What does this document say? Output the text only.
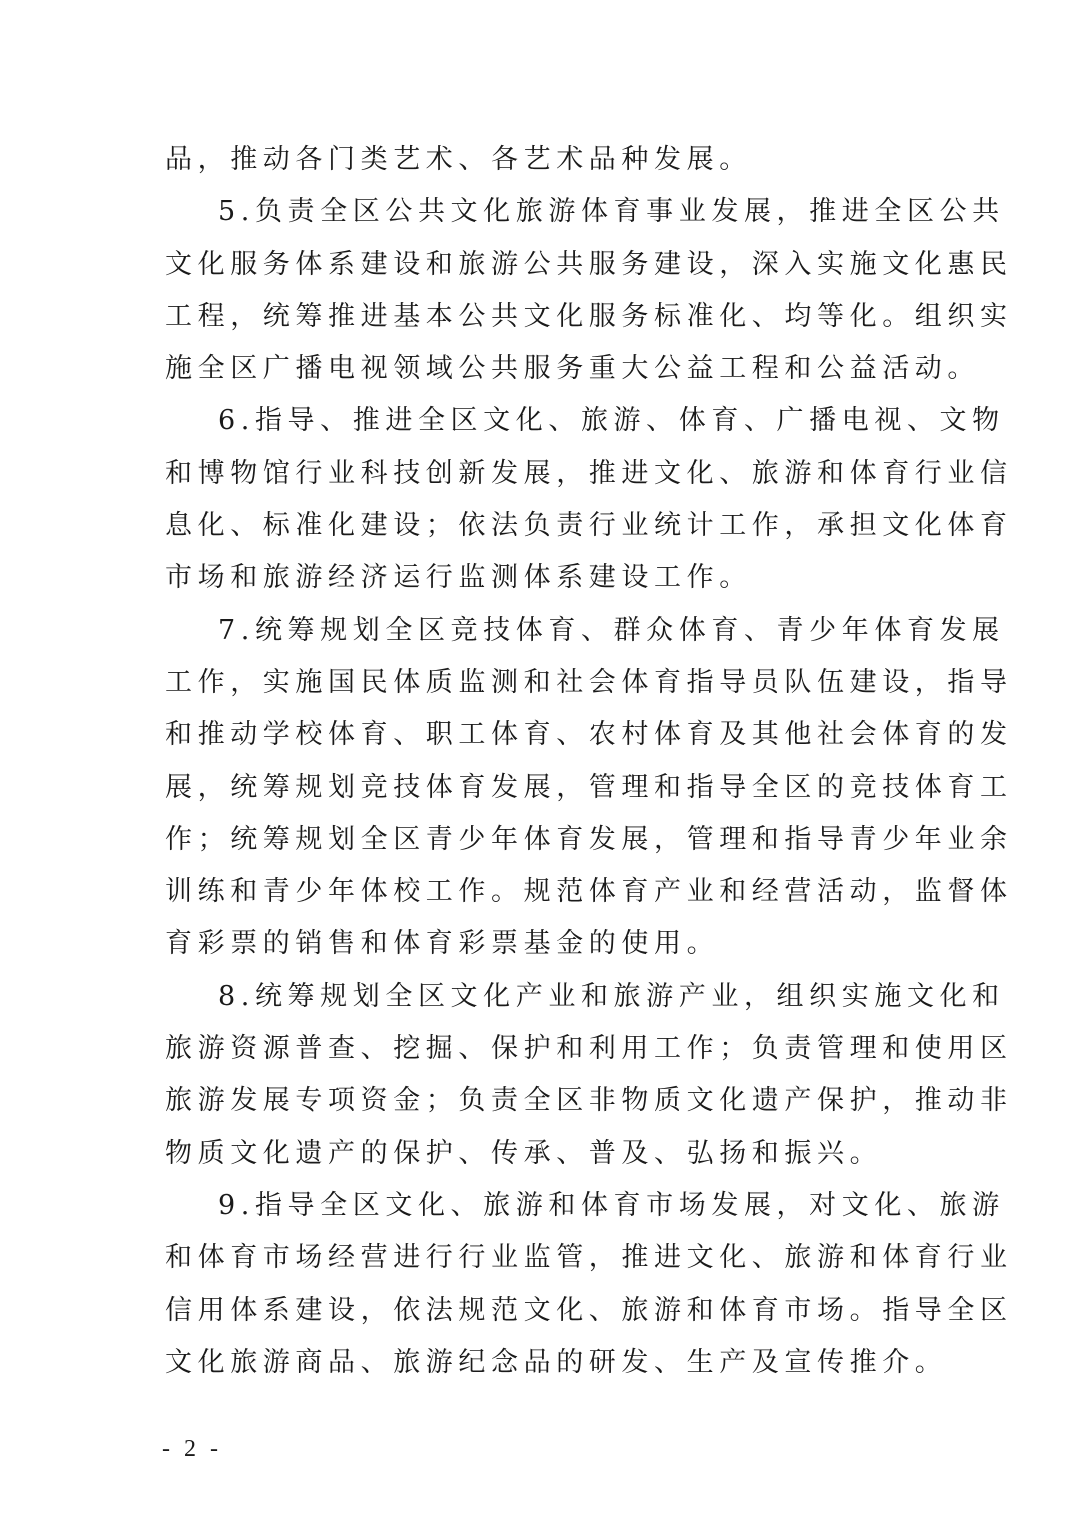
品，推动各门类艺术、各艺术品种发展。
5.负责全区公共文化旅游体育事业发展，推进全区公共
文化服务体系建设和旅游公共服务建设，深入实施文化惠民
工程，统筹推进基本公共文化服务标准化、均等化。组织实
施全区广播电视领域公共服务重大公益工程和公益活动。
6.指导、推进全区文化、旅游、体育、广播电视、文物
和博物馆行业科技创新发展，推进文化、旅游和体育行业信
息化、标准化建设；依法负责行业统计工作，承担文化体育
市场和旅游经济运行监测体系建设工作。
7.统筹规划全区竞技体育、群众体育、青少年体育发展
工作，实施国民体质监测和社会体育指导员队伍建设，指导
和推动学校体育、职工体育、农村体育及其他社会体育的发
展，统筹规划竞技体育发展，管理和指导全区的竞技体育工
作；统筹规划全区青少年体育发展，管理和指导青少年业余
训练和青少年体校工作。规范体育产业和经营活动，监督体
育彩票的销售和体育彩票基金的使用。
8.统筹规划全区文化产业和旅游产业，组织实施文化和
旅游资源普查、挖掘、保护和利用工作；负责管理和使用区
旅游发展专项资金；负责全区非物质文化遗产保护，推动非
物质文化遗产的保护、传承、普及、弘扬和振兴。
9.指导全区文化、旅游和体育市场发展，对文化、旅游
和体育市场经营进行行业监管，推进文化、旅游和体育行业
信用体系建设，依法规范文化、旅游和体育市场。指导全区
文化旅游商品、旅游纪念品的研发、生产及宣传推介。
- 2 -
